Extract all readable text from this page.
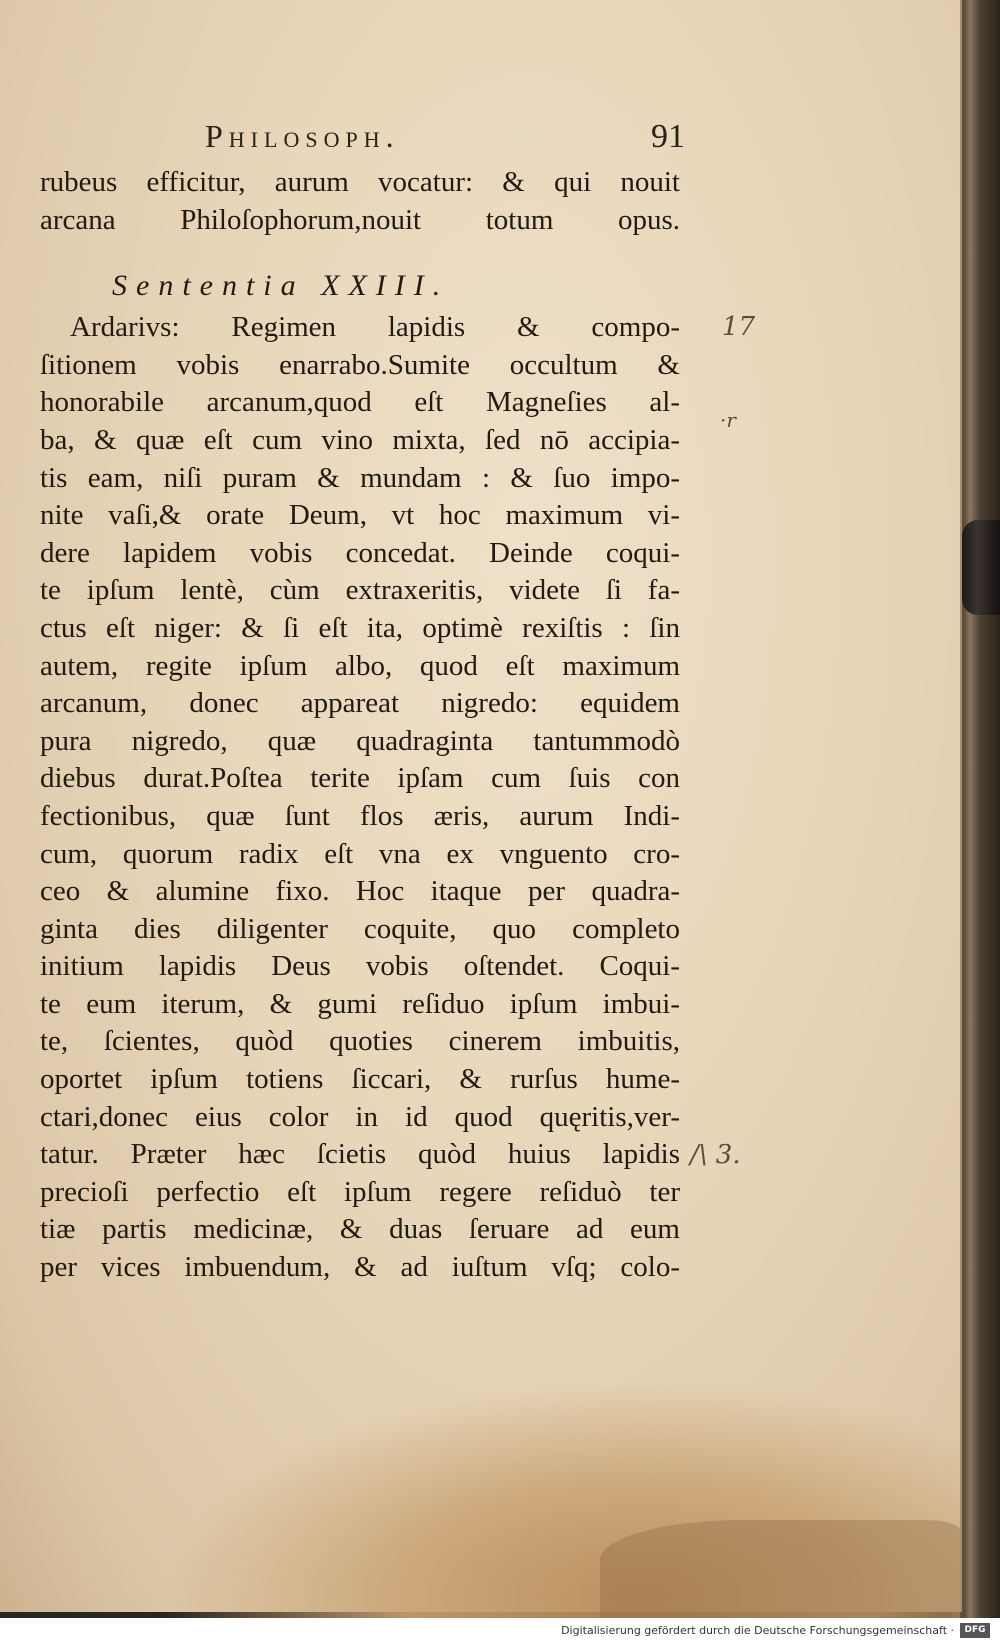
Philosoph.	91
rubeus efficitur, aurum vocatur: & qui nouit
arcana Philoſophorum,nouit totum opus.
Sententia XXIII.
Ardarivs: Regimen lapidis & compo-
ſitionem vobis enarrabo.Sumite occultum &
honorabile arcanum,quod eſt Magneſies al-
ba, & quæ eſt cum vino mixta, ſed nō accipia-
tis eam, niſi puram & mundam : & ſuo impo-
nite vaſi,& orate Deum, vt hoc maximum vi-
dere lapidem vobis concedat. Deinde coqui-
te ipſum lentè, cùm extraxeritis, videte ſi fa-
ctus eſt niger: & ſi eſt ita, optimè rexiſtis : ſin
autem, regite ipſum albo, quod eſt maximum
arcanum, donec appareat nigredo: equidem
pura nigredo, quæ quadraginta tantummodò
diebus durat.Poſtea terite ipſam cum ſuis con
fectionibus, quæ ſunt flos æris, aurum Indi-
cum, quorum radix eſt vna ex vnguento cro-
ceo & alumine fixo. Hoc itaque per quadra-
ginta dies diligenter coquite, quo completo
initium lapidis Deus vobis oſtendet. Coqui-
te eum iterum, & gumi reſiduo ipſum imbui-
te, ſcientes, quòd quoties cinerem imbuitis,
oportet ipſum totiens ſiccari, & rurſus hume-
ctari,donec eius color in id quod quęritis,ver-
tatur. Præter hæc ſcietis quòd huius lapidis
precioſi perfectio eſt ipſum regere reſiduò ter
tiæ partis medicinæ, & duas ſeruare ad eum
per vices imbuendum, & ad iuſtum vſq; colo-
17
·r
/\ 3.
Digitalisierung gefördert durch die Deutsche Forschungsgemeinschaft ·	DFG
